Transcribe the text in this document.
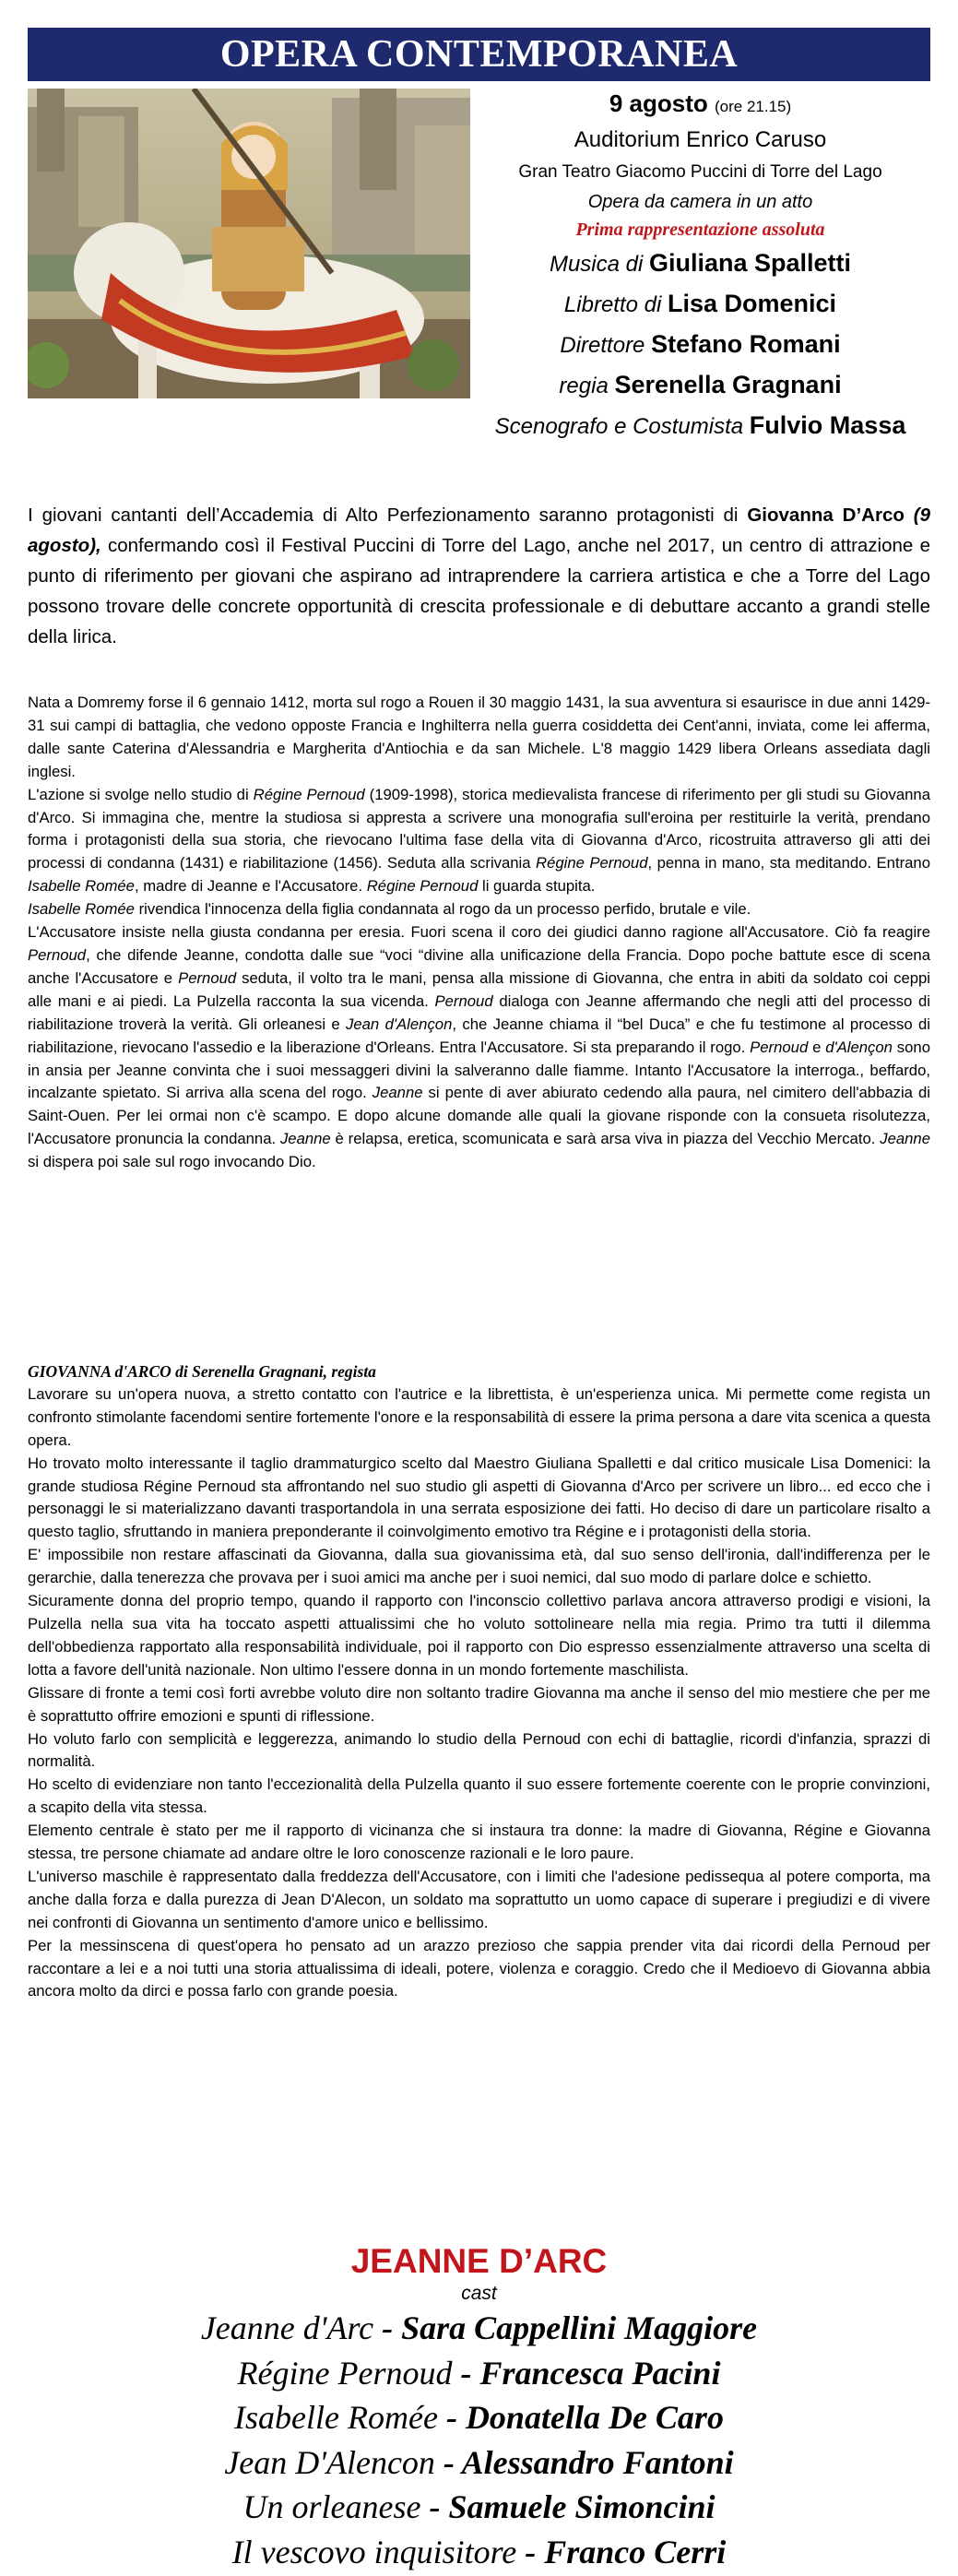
OPERA CONTEMPORANEA

9 agosto (ore 21.15)

Auditorium Enrico Caruso

Gran Teatro Giacomo Puccini di Torre del Lago

Opera da camera in un atto

Prima rappresentazione assoluta

Musica di Giuliana Spalletti

Libretto di Lisa Domenici

Direttore Stefano Romani

regia Serenella Gragnani

Scenografo e Costumista Fulvio Massa

I giovani cantanti dell’Accademia di Alto Perfezionamento saranno protagonisti di Giovanna D’Arco (9 agosto), confermando così il Festival Puccini di Torre del Lago, anche nel 2017, un centro di attrazione e punto di riferimento per giovani che aspirano ad intraprendere la carriera artistica e che a Torre del Lago possono trovare delle concrete opportunità di crescita professionale e di debuttare accanto a grandi stelle della lirica.

Nata a Domremy forse il 6 gennaio 1412, morta sul rogo a Rouen il 30 maggio 1431, la sua avventura si esaurisce in due anni 1429-31 sui campi di battaglia, che vedono opposte Francia e Inghilterra nella guerra cosiddetta dei Cent'anni, inviata, come lei afferma, dalle sante Caterina d'Alessandria e Margherita d'Antiochia e da san Michele. L'8 maggio 1429 libera Orleans assediata dagli inglesi.

L'azione si svolge nello studio di Régine Pernoud (1909-1998), storica medievalista francese di riferimento per gli studi su Giovanna d'Arco. Si immagina che, mentre la studiosa si appresta a scrivere una monografia sull'eroina per restituirle la verità, prendano forma i protagonisti della sua storia, che rievocano l'ultima fase della vita di Giovanna d'Arco, ricostruita attraverso gli atti dei processi di condanna (1431) e riabilitazione (1456). Seduta alla scrivania Régine Pernoud, penna in mano, sta meditando. Entrano Isabelle Romée, madre di Jeanne e l'Accusatore. Régine Pernoud li guarda stupita.

Isabelle Romée rivendica l'innocenza della figlia condannata al rogo da un processo perfido, brutale e vile.

L'Accusatore insiste nella giusta condanna per eresia. Fuori scena il coro dei giudici danno ragione all'Accusatore. Ciò fa reagire Pernoud, che difende Jeanne, condotta dalle sue “voci “divine alla unificazione della Francia. Dopo poche battute esce di scena anche l'Accusatore e Pernoud seduta, il volto tra le mani, pensa alla missione di Giovanna, che entra in abiti da soldato coi ceppi alle mani e ai piedi. La Pulzella racconta la sua vicenda. Pernoud dialoga con Jeanne affermando che negli atti del processo di riabilitazione troverà la verità. Gli orleanesi e Jean d'Alençon, che Jeanne chiama il “bel Duca” e che fu testimone al processo di riabilitazione, rievocano l'assedio e la liberazione d'Orleans. Entra l'Accusatore. Si sta preparando il rogo. Pernoud e d'Alençon sono in ansia per Jeanne convinta che i suoi messaggeri divini la salveranno dalle fiamme. Intanto l'Accusatore la interroga., beffardo, incalzante spietato. Si arriva alla scena del rogo. Jeanne si pente di aver abiurato cedendo alla paura, nel cimitero dell'abbazia di Saint-Ouen. Per lei ormai non c'è scampo. E dopo alcune domande alle quali la giovane risponde con la consueta risolutezza, l'Accusatore pronuncia la condanna. Jeanne è relapsa, eretica, scomunicata e sarà arsa viva in piazza del Vecchio Mercato. Jeanne si dispera poi sale sul rogo invocando Dio.

GIOVANNA d'ARCO di Serenella Gragnani, regista

Lavorare su un'opera nuova, a stretto contatto con l'autrice e la librettista, è un'esperienza unica. Mi permette come regista un confronto stimolante facendomi sentire fortemente l'onore e la responsabilità di essere la prima persona a dare vita scenica a questa opera.

Ho trovato molto interessante il taglio drammaturgico scelto dal Maestro Giuliana Spalletti e dal critico musicale Lisa Domenici: la grande studiosa Régine Pernoud sta affrontando nel suo studio gli aspetti di Giovanna d'Arco per scrivere un libro... ed ecco che i personaggi le si materializzano davanti trasportandola in una serrata esposizione dei fatti. Ho deciso di dare un particolare risalto a questo taglio, sfruttando in maniera preponderante il coinvolgimento emotivo tra Régine e i protagonisti della storia.

E' impossibile non restare affascinati da Giovanna, dalla sua giovanissima età, dal suo senso dell'ironia, dall'indifferenza per le gerarchie, dalla tenerezza che provava per i suoi amici ma anche per i suoi nemici, dal suo modo di parlare dolce e schietto.

Sicuramente donna del proprio tempo, quando il rapporto con l'inconscio collettivo parlava ancora attraverso prodigi e visioni, la Pulzella nella sua vita ha toccato aspetti attualissimi che ho voluto sottolineare nella mia regia. Primo tra tutti il dilemma dell'obbedienza rapportato alla responsabilità individuale, poi il rapporto con Dio espresso essenzialmente attraverso una scelta di lotta a favore dell'unità nazionale. Non ultimo l'essere donna in un mondo fortemente maschilista.

Glissare di fronte a temi così forti avrebbe voluto dire non soltanto tradire Giovanna ma anche il senso del mio mestiere che per me è soprattutto offrire emozioni e spunti di riflessione.

Ho voluto farlo con semplicità e leggerezza, animando lo studio della Pernoud con echi di battaglie, ricordi d'infanzia, sprazzi di normalità.

Ho scelto di evidenziare non tanto l'eccezionalità della Pulzella quanto il suo essere fortemente coerente con le proprie convinzioni, a scapito della vita stessa.

Elemento centrale è stato per me il rapporto di vicinanza che si instaura tra donne: la madre di Giovanna, Régine e Giovanna stessa, tre persone chiamate ad andare oltre le loro conoscenze razionali e le loro paure.

L'universo maschile è rappresentato dalla freddezza dell'Accusatore, con i limiti che l'adesione pedissequa al potere comporta, ma anche dalla forza e dalla purezza di Jean D'Alecon, un soldato ma soprattutto un uomo capace di superare i pregiudizi e di vivere nei confronti di Giovanna un sentimento d'amore unico e bellissimo.

Per la messinscena di quest'opera ho pensato ad un arazzo prezioso che sappia prender vita dai ricordi della Pernoud per raccontare a lei e a noi tutti una storia attualissima di ideali, potere, violenza e coraggio. Credo che il Medioevo di Giovanna abbia ancora molto da dirci e possa farlo con grande poesia.

JEANNE D’ARC
cast
Jeanne d'Arc - Sara Cappellini Maggiore
Régine Pernoud - Francesca Pacini
Isabelle Romée - Donatella De Caro
Jean D'Alencon - Alessandro Fantoni
Un orleanese - Samuele Simoncini
Il vescovo inquisitore - Franco Cerri
